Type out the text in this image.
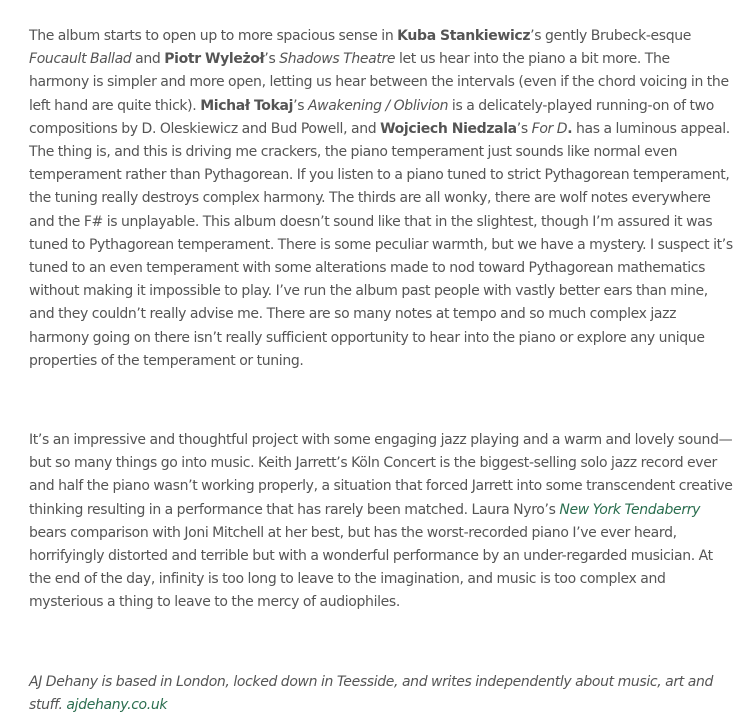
The album starts to open up to more spacious sense in Kuba Stankiewicz’s gently Brubeck-esque Foucault Ballad and Piotr Wyleżoł’s Shadows Theatre let us hear into the piano a bit more. The harmony is simpler and more open, letting us hear between the intervals (even if the chord voicing in the left hand are quite thick). Michał Tokaj’s Awakening / Oblivion is a delicately-played running-on of two compositions by D. Oleskiewicz and Bud Powell, and Wojciech Niedzala’s For D. has a luminous appeal. The thing is, and this is driving me crackers, the piano temperament just sounds like normal even temperament rather than Pythagorean. If you listen to a piano tuned to strict Pythagorean temperament, the tuning really destroys complex harmony. The thirds are all wonky, there are wolf notes everywhere and the F# is unplayable. This album doesn’t sound like that in the slightest, though I’m assured it was tuned to Pythagorean temperament. There is some peculiar warmth, but we have a mystery. I suspect it’s tuned to an even temperament with some alterations made to nod toward Pythagorean mathematics without making it impossible to play. I’ve run the album past people with vastly better ears than mine, and they couldn’t really advise me. There are so many notes at tempo and so much complex jazz harmony going on there isn’t really sufficient opportunity to hear into the piano or explore any unique properties of the temperament or tuning.

It’s an impressive and thoughtful project with some engaging jazz playing and a warm and lovely sound—but so many things go into music. Keith Jarrett’s Köln Concert is the biggest-selling solo jazz record ever and half the piano wasn’t working properly, a situation that forced Jarrett into some transcendent creative thinking resulting in a performance that has rarely been matched. Laura Nyro’s New York Tendaberry bears comparison with Joni Mitchell at her best, but has the worst-recorded piano I’ve ever heard, horrifyingly distorted and terrible but with a wonderful performance by an under-regarded musician. At the end of the day, infinity is too long to leave to the imagination, and music is too complex and mysterious a thing to leave to the mercy of audiophiles.

AJ Dehany is based in London, locked down in Teesside, and writes independently about music, art and stuff. ajdehany.co.uk
